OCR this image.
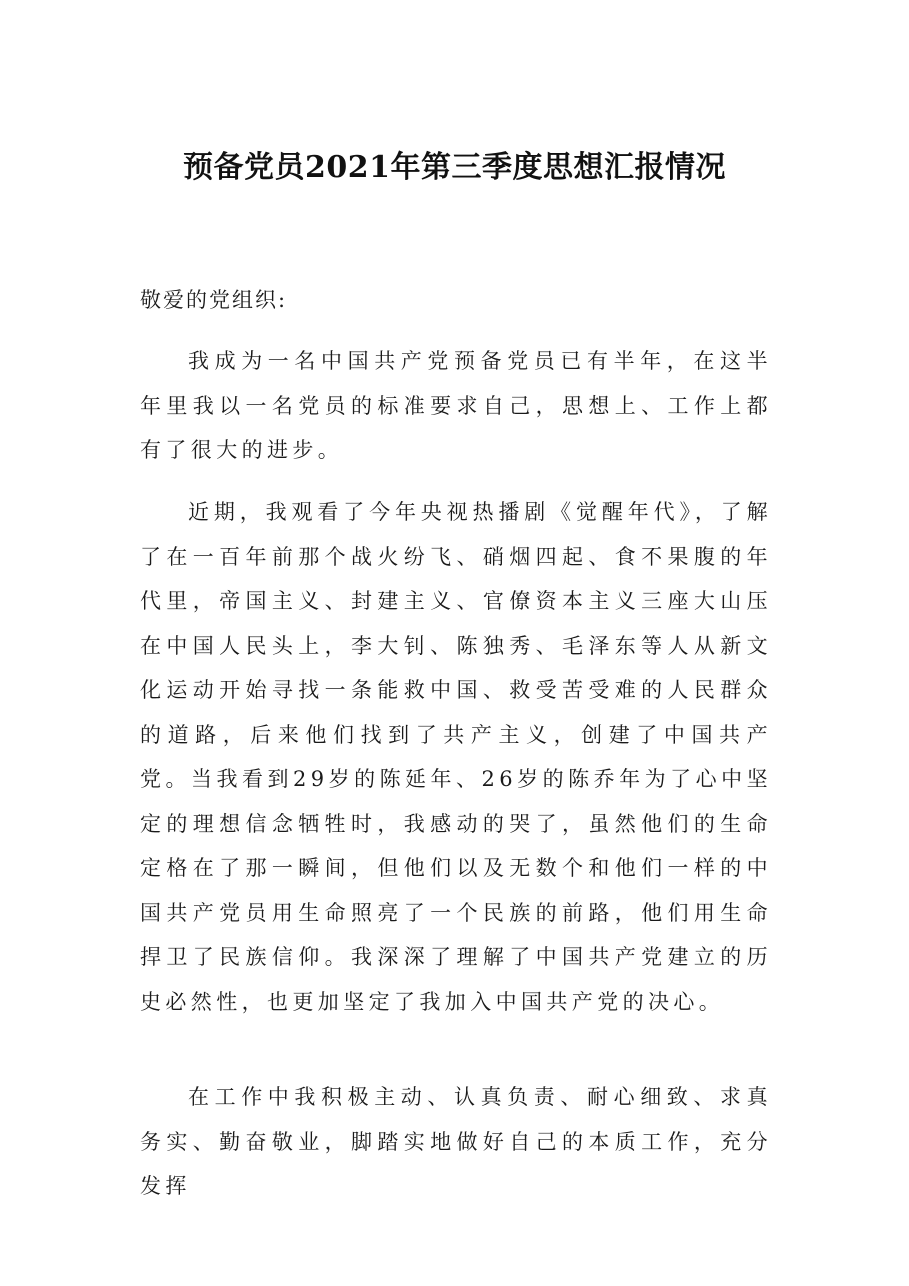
预备党员2021年第三季度思想汇报情况
敬爱的党组织:

我成为一名中国共产党预备党员已有半年，在这半年里我以一名党员的标准要求自己，思想上、工作上都有了很大的进步。

近期，我观看了今年央视热播剧《觉醒年代》，了解了在一百年前那个战火纷飞、硝烟四起、食不果腹的年代里，帝国主义、封建主义、官僚资本主义三座大山压在中国人民头上，李大钊、陈独秀、毛泽东等人从新文化运动开始寻找一条能救中国、救受苦受难的人民群众的道路，后来他们找到了共产主义，创建了中国共产党。当我看到29岁的陈延年、26岁的陈乔年为了心中坚定的理想信念牺牲时，我感动的哭了，虽然他们的生命定格在了那一瞬间，但他们以及无数个和他们一样的中国共产党员用生命照亮了一个民族的前路，他们用生命捍卫了民族信仰。我深深了理解了中国共产党建立的历史必然性，也更加坚定了我加入中国共产党的决心。

在工作中我积极主动、认真负责、耐心细致、求真务实、勤奋敬业，脚踏实地做好自己的本质工作，充分发挥
